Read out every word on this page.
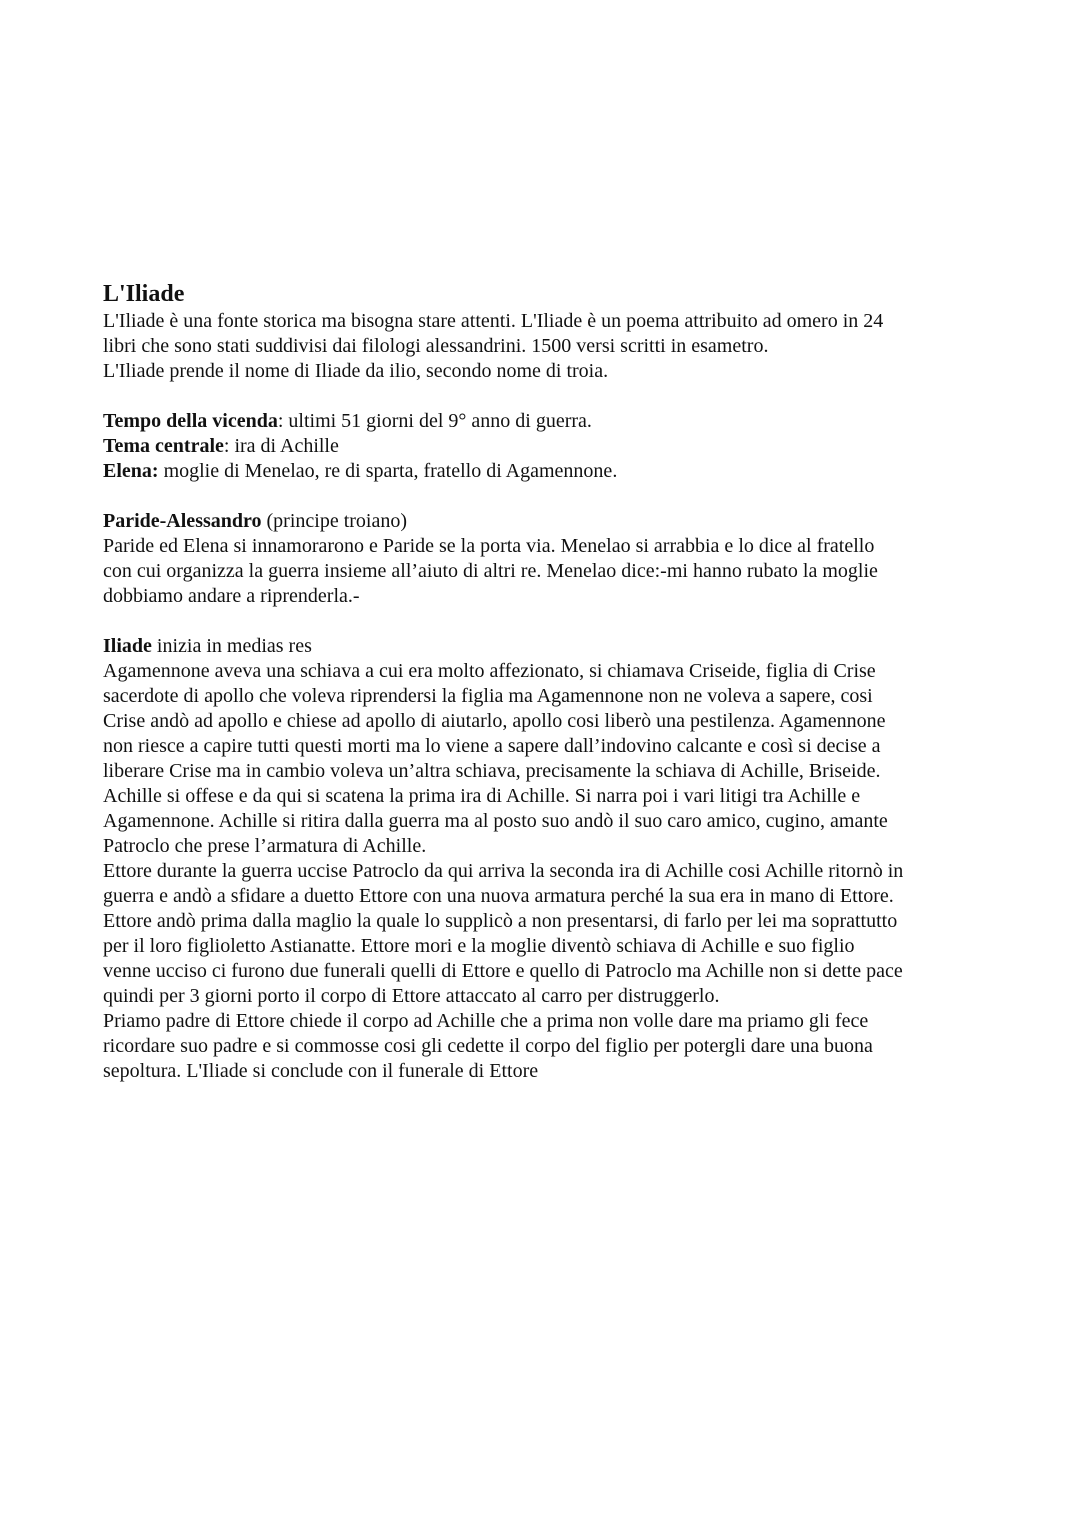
L'Iliade

L'Iliade è una fonte storica ma bisogna stare attenti. L'Iliade è un poema attribuito ad omero in 24

libri che sono stati suddivisi dai filologi alessandrini. 1500 versi scritti in esametro.

L'Iliade prende il nome di Iliade da ilio, secondo nome di troia.

Tempo della vicenda: ultimi 51 giorni del 9° anno di guerra.

Tema centrale: ira di Achille

Elena: moglie di Menelao, re di sparta, fratello di Agamennone.

Paride-Alessandro (principe troiano)

Paride ed Elena si innamorarono e Paride se la porta via. Menelao si arrabbia e lo dice al fratello

con cui organizza la guerra insieme all’aiuto di altri re. Menelao dice:-mi hanno rubato la moglie

dobbiamo andare a riprenderla.-

Iliade inizia in medias res

Agamennone aveva una schiava a cui era molto affezionato, si chiamava Criseide, figlia di Crise

sacerdote di apollo che voleva riprendersi la figlia ma Agamennone non ne voleva a sapere, cosi

Crise andò ad apollo e chiese ad apollo di aiutarlo, apollo cosi liberò una pestilenza. Agamennone

non riesce a capire tutti questi morti ma lo viene a sapere dall’indovino calcante e così si decise a

liberare Crise ma in cambio voleva un’altra schiava, precisamente la schiava di Achille, Briseide.

Achille si offese e da qui si scatena la prima ira di Achille. Si narra poi i vari litigi tra Achille e

Agamennone. Achille si ritira dalla guerra ma al posto suo andò il suo caro amico, cugino, amante

Patroclo che prese l’armatura di Achille.

Ettore durante la guerra uccise Patroclo da qui arriva la seconda ira di Achille cosi Achille ritornò in

guerra e andò a sfidare a duetto Ettore con una nuova armatura perché la sua era in mano di Ettore.

Ettore andò prima dalla maglio la quale lo supplicò a non presentarsi, di farlo per lei ma soprattutto

per il loro figlioletto Astianatte. Ettore mori e la moglie diventò schiava di Achille e suo figlio

venne ucciso ci furono due funerali quelli di Ettore e quello di Patroclo ma Achille non si dette pace

quindi per 3 giorni porto il corpo di Ettore attaccato al carro per distruggerlo.

Priamo padre di Ettore chiede il corpo ad Achille che a prima non volle dare ma priamo gli fece

ricordare suo padre e si commosse cosi gli cedette il corpo del figlio per potergli dare una buona

sepoltura. L'Iliade si conclude con il funerale di Ettore
